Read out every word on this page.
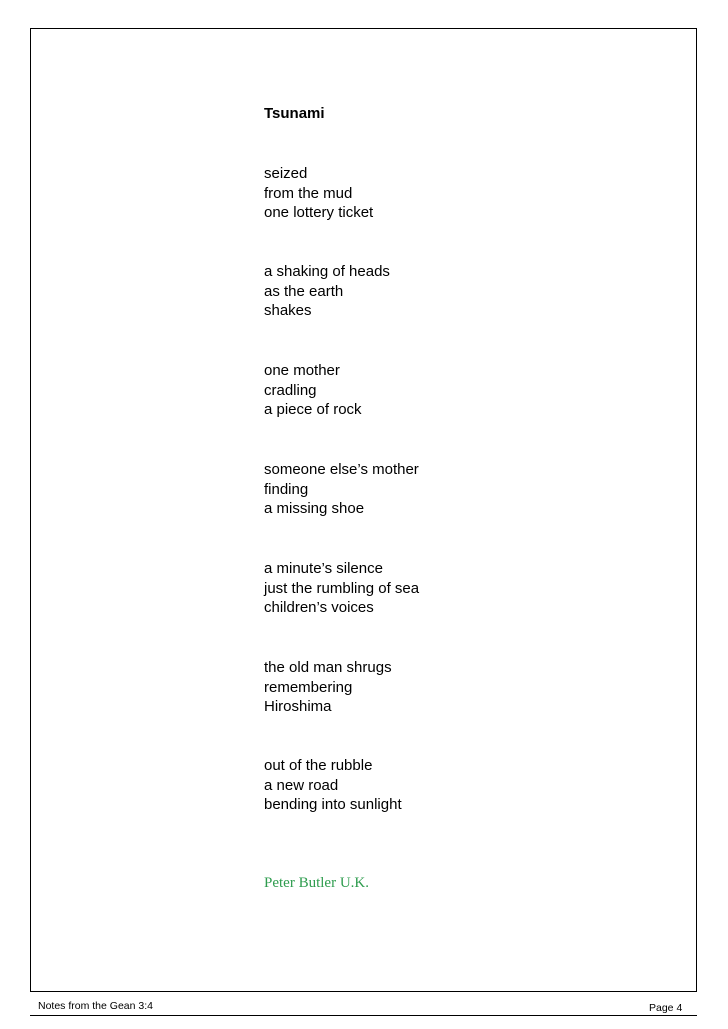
Tsunami
seized
from the mud
one lottery ticket
a shaking of heads
as the earth
shakes
one mother
cradling
a piece of rock
someone else’s mother
finding
a missing shoe
a minute’s silence
just the rumbling of sea
children’s voices
the old man shrugs
remembering
Hiroshima
out of the rubble
a new road
bending into sunlight
Peter Butler U.K.
Notes from the Gean 3:4	Page 4
